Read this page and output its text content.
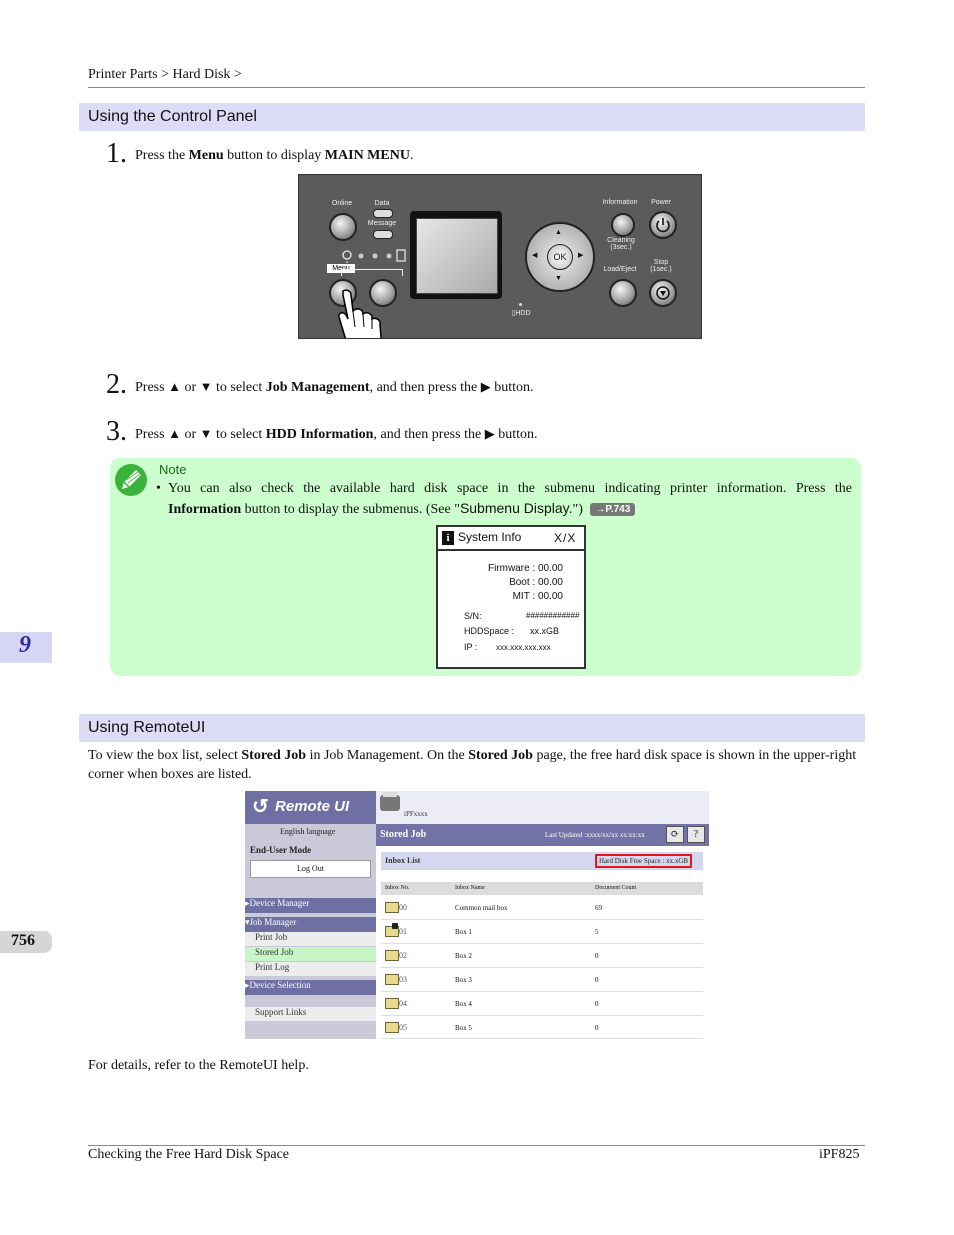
Printer Parts > Hard Disk >
Using the Control Panel
1. Press the Menu button to display MAIN MENU.
Online	Data
Message
Menu
▯HDD
OK
▲
▼
◀	▶
Information	Power
Cleaning
(3sec.)
Load/Eject
Stop
(1sec.)
2. Press ▲ or ▼ to select Job Management, and then press the ▶ button.
3. Press ▲ or ▼ to select HDD Information, and then press the ▶ button.
Note
• You can also check the available hard disk space in the submenu indicating printer information. Press the
Information button to display the submenus. (See "Submenu Display.") →P.743
i System Info	X/X
Firmware : 00.00
Boot : 00.00
MIT : 00.00
S/N:	############
HDDSpace : xx.xGB
IP : xxx.xxx.xxx.xxx
9
Using RemoteUI
To view the box list, select Stored Job in Job Management. On the Stored Job page, the free hard disk space is shown in the upper-right corner when boxes are listed.
756
↺ Remote UI
English language
End-User Mode
Log Out
▸Device Manager
▾Job Manager
Print Job
Stored Job
Print Log
▸Device Selection
Support Links
iPFxxxx
Stored Job	Last Updated :xxxx/xx/xx xx:xx:xx	⟳	?
Inbox List	Hard Disk Free Space : xx.xGB
Inbox No.	Inbox Name	Document Count
00	Common mail box	69
01	Box 1	5
02	Box 2	0
03	Box 3	0
04	Box 4	0
05	Box 5	0
For details, refer to the RemoteUI help.
Checking the Free Hard Disk Space	iPF825
